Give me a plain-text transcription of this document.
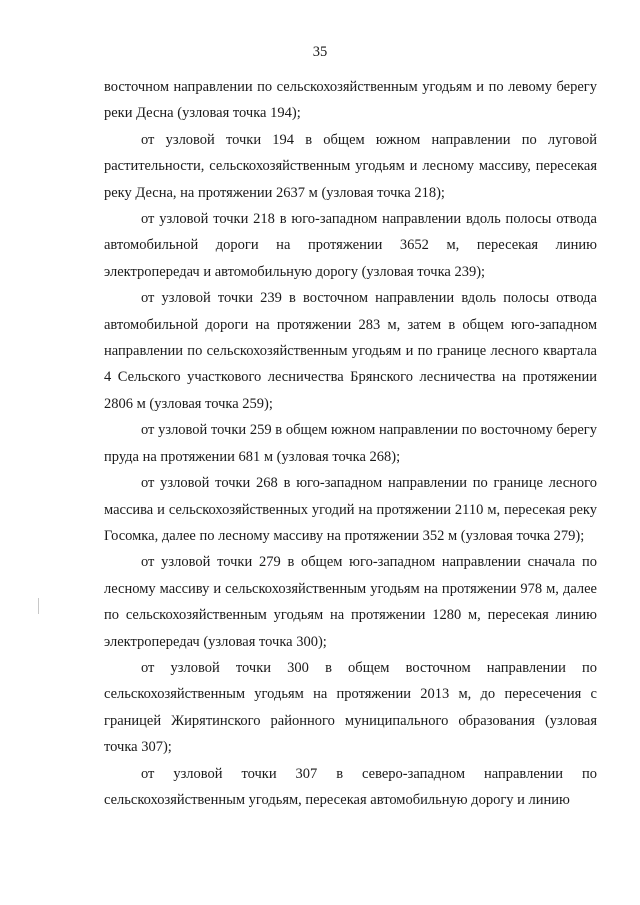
35

восточном направлении по сельскохозяйственным угодьям и по левому берегу реки Десна (узловая точка 194);

от узловой точки 194 в общем южном направлении по луговой растительности, сельскохозяйственным угодьям и лесному массиву, пересекая реку Десна, на протяжении 2637 м (узловая точка 218);

от узловой точки 218 в юго-западном направлении вдоль полосы отвода автомобильной дороги на протяжении 3652 м, пересекая линию электропередач и автомобильную дорогу (узловая точка 239);

от узловой точки 239 в восточном направлении вдоль полосы отвода автомобильной дороги на протяжении 283 м, затем в общем юго-западном направлении по сельскохозяйственным угодьям и по границе лесного квартала 4 Сельского участкового лесничества Брянского лесничества на протяжении 2806 м (узловая точка 259);

от узловой точки 259 в общем южном направлении по восточному берегу пруда на протяжении 681 м (узловая точка 268);

от узловой точки 268 в юго-западном направлении по границе лесного массива и сельскохозяйственных угодий на протяжении 2110 м, пересекая реку Госомка, далее по лесному массиву на протяжении 352 м (узловая точка 279);

от узловой точки 279 в общем юго-западном направлении сначала по лесному массиву и сельскохозяйственным угодьям на протяжении 978 м, далее по сельскохозяйственным угодьям на протяжении 1280 м, пересекая линию электропередач (узловая точка 300);

от узловой точки 300 в общем восточном направлении по сельскохозяйственным угодьям на протяжении 2013 м, до пересечения с границей Жирятинского районного муниципального образования (узловая точка 307);

от узловой точки 307 в северо-западном направлении по сельскохозяйственным угодьям, пересекая автомобильную дорогу и линию
